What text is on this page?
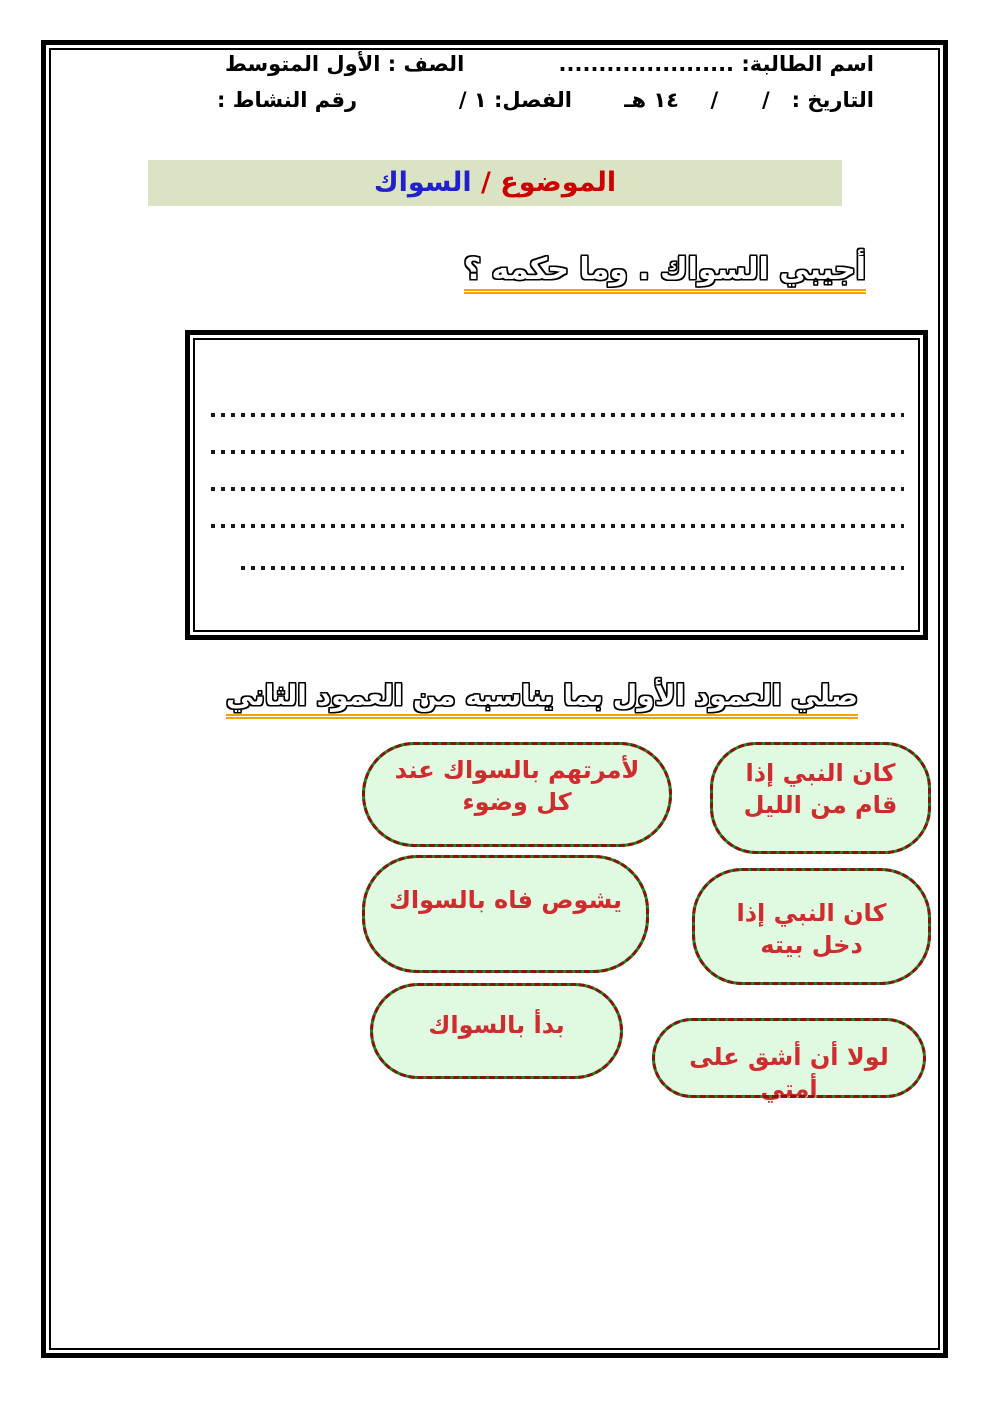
اسم الطالبة: ......................
الصف : الأول المتوسط
التاريخ :   /      /
١٤ هـ
الفصل: ١ /
رقم النشاط :
الموضوع / السواك
أجيبي السواك . وما حكمه ؟
صلي العمود الأول بما يناسبه من العمود الثاني
لأمرتهم بالسواك عند كل وضوء
يشوص فاه بالسواك
بدأ بالسواك
كان النبي إذا قام من الليل
كان النبي إذا دخل بيته
لولا أن أشق على أمتي
